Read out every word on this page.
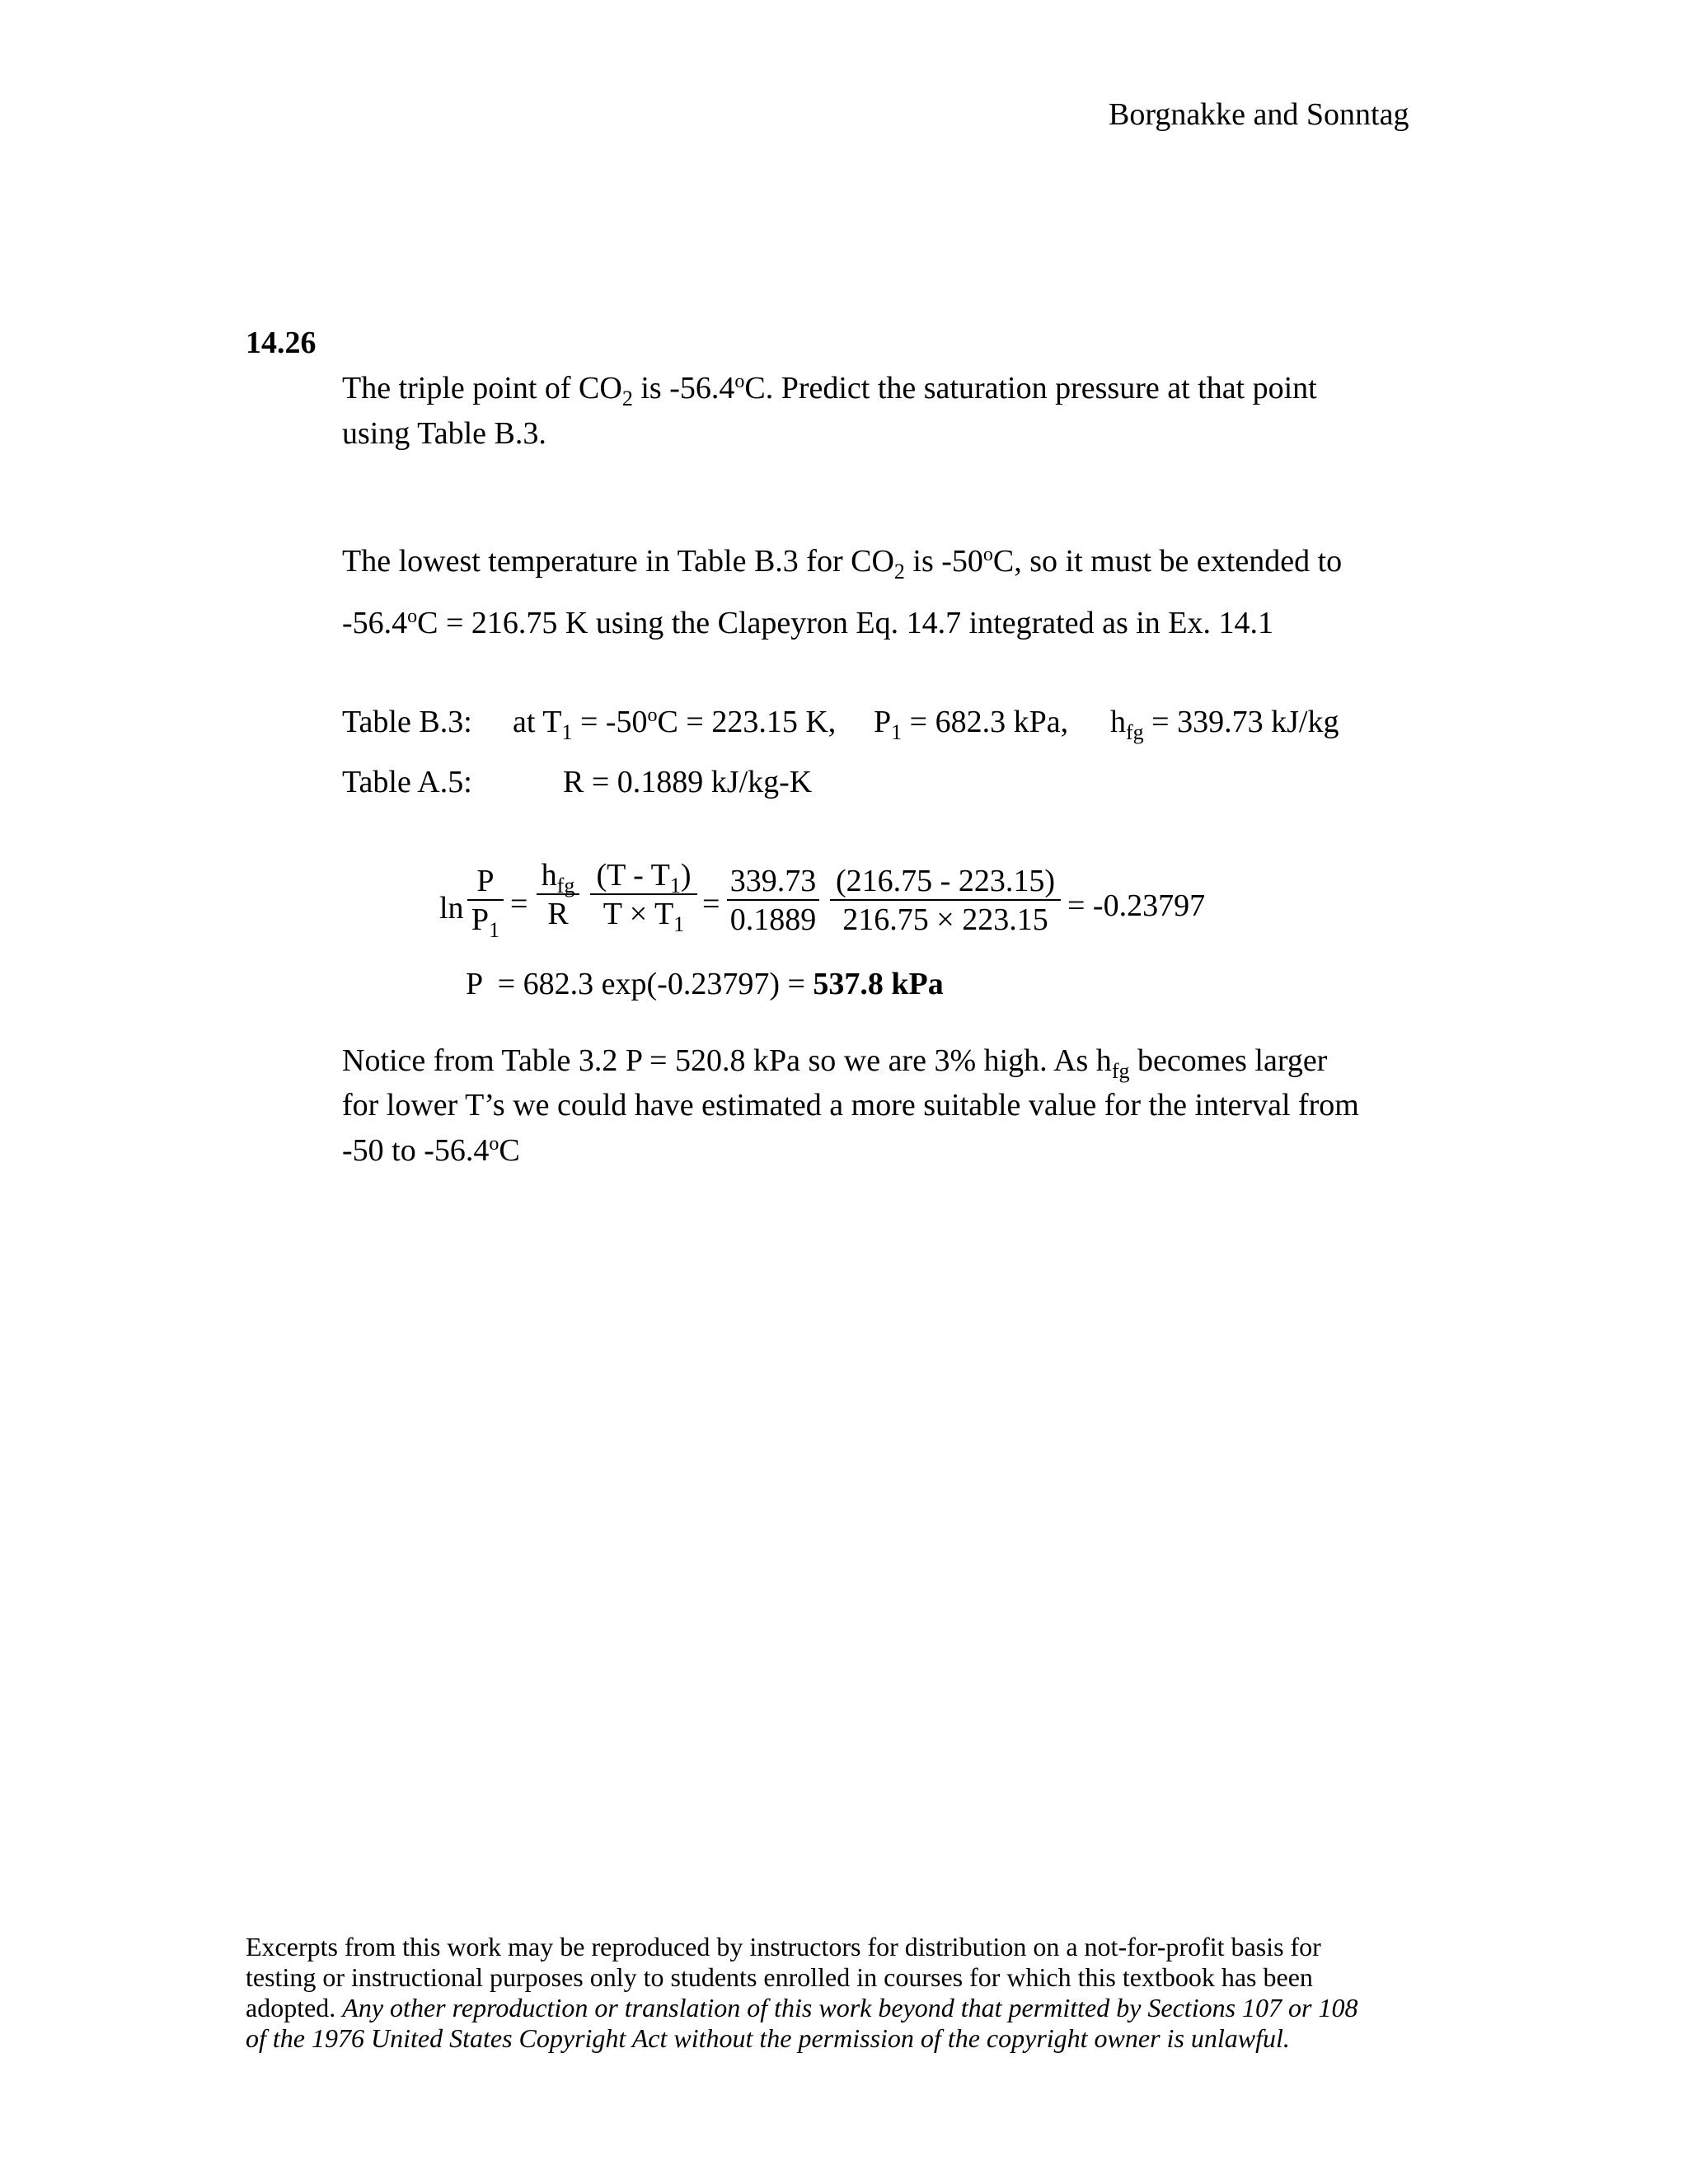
Borgnakke and Sonntag
14.26
The triple point of $CO_2$ is -56.4$^o$C. Predict the saturation pressure at that point
using Table B.3.
The lowest temperature in Table B.3 for $CO_2$ is -50$^o$C, so it must be extended to
$-56.4^oC = 216.75$ K using the Clapeyron Eq. 14.7 integrated as in Ex. 14.1
Table B.3: at $T_1 = -50^oC = 223.15$ K, $P_1 = 682.3$ kPa, $h_{fg} = 339.73$ kJ/kg
Table A.5:	R = 0.1889 kJ/kg-K
ln
P
$P_1$
=
$h_{fg}$
R
$(T - T_1)$
$T \times T_1$
=
339.73
0.1889
(216.75 - 223.15)
216.75 × 223.15 = -0.23797
P  = 682.3 exp(-0.23797) = 537.8 kPa
Notice from Table 3.2 P = 520.8 kPa so we are 3% high. As $h_{fg}$ becomes larger
for lower T’s we could have estimated a more suitable value for the interval from
-50 to -56.4$^o$C
Excerpts from this work may be reproduced by instructors for distribution on a not-for-profit basis for
testing or instructional purposes only to students enrolled in courses for which this textbook has been
adopted. Any other reproduction or translation of this work beyond that permitted by Sections 107 or 108
of the 1976 United States Copyright Act without the permission of the copyright owner is unlawful.
